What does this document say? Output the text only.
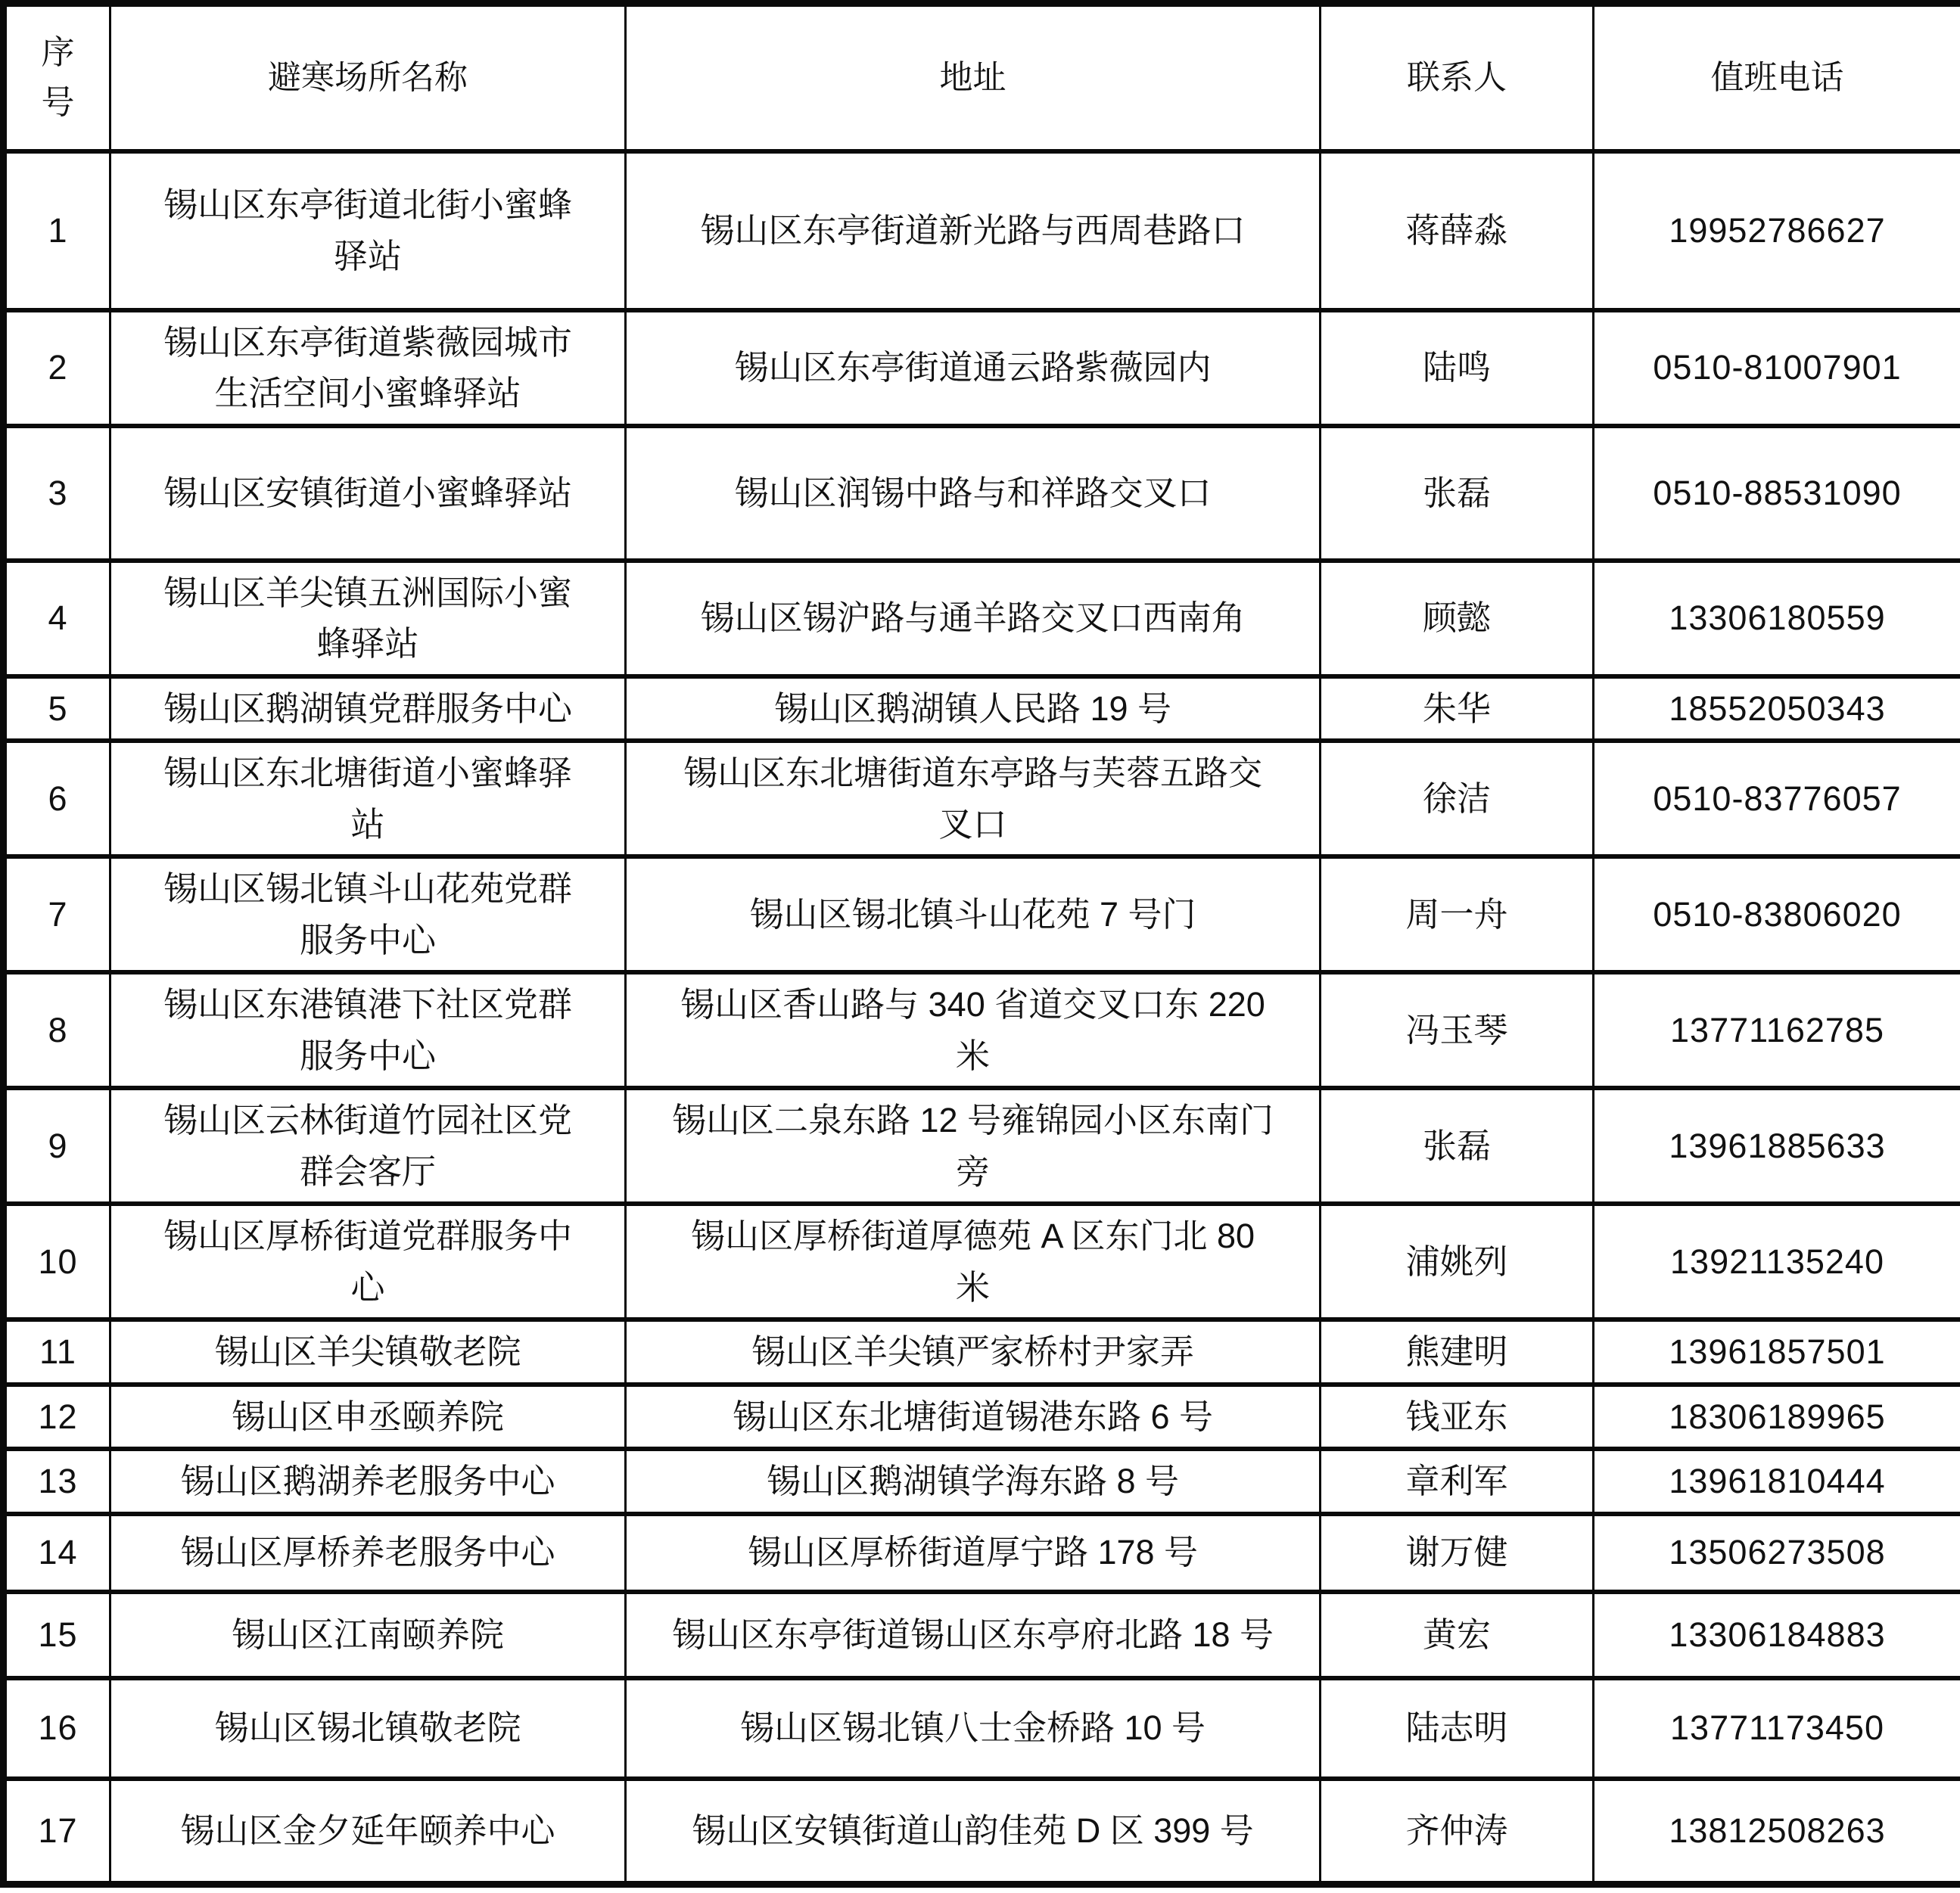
序号	避寒场所名称	地址	联系人	值班电话
1	锡山区东亭街道北街小蜜蜂驿站	锡山区东亭街道新光路与西周巷路口	蒋薛淼	19952786627
2	锡山区东亭街道紫薇园城市生活空间小蜜蜂驿站	锡山区东亭街道通云路紫薇园内	陆鸣	0510-81007901
3	锡山区安镇街道小蜜蜂驿站	锡山区润锡中路与和祥路交叉口	张磊	0510-88531090
4	锡山区羊尖镇五洲国际小蜜蜂驿站	锡山区锡沪路与通羊路交叉口西南角	顾懿	13306180559
5	锡山区鹅湖镇党群服务中心	锡山区鹅湖镇人民路 19 号	朱华	18552050343
6	锡山区东北塘街道小蜜蜂驿站	锡山区东北塘街道东亭路与芙蓉五路交叉口	徐洁	0510-83776057
7	锡山区锡北镇斗山花苑党群服务中心	锡山区锡北镇斗山花苑 7 号门	周一舟	0510-83806020
8	锡山区东港镇港下社区党群服务中心	锡山区香山路与 340 省道交叉口东 220 米	冯玉琴	13771162785
9	锡山区云林街道竹园社区党群会客厅	锡山区二泉东路 12 号雍锦园小区东南门旁	张磊	13961885633
10	锡山区厚桥街道党群服务中心	锡山区厚桥街道厚德苑 A 区东门北 80 米	浦姚列	13921135240
11	锡山区羊尖镇敬老院	锡山区羊尖镇严家桥村尹家弄	熊建明	13961857501
12	锡山区申丞颐养院	锡山区东北塘街道锡港东路 6 号	钱亚东	18306189965
13	锡山区鹅湖养老服务中心	锡山区鹅湖镇学海东路 8 号	章利军	13961810444
14	锡山区厚桥养老服务中心	锡山区厚桥街道厚宁路 178 号	谢万健	13506273508
15	锡山区江南颐养院	锡山区东亭街道锡山区东亭府北路 18 号	黄宏	13306184883
16	锡山区锡北镇敬老院	锡山区锡北镇八士金桥路 10 号	陆志明	13771173450
17	锡山区金夕延年颐养中心	锡山区安镇街道山韵佳苑 D 区 399 号	齐仲涛	13812508263
